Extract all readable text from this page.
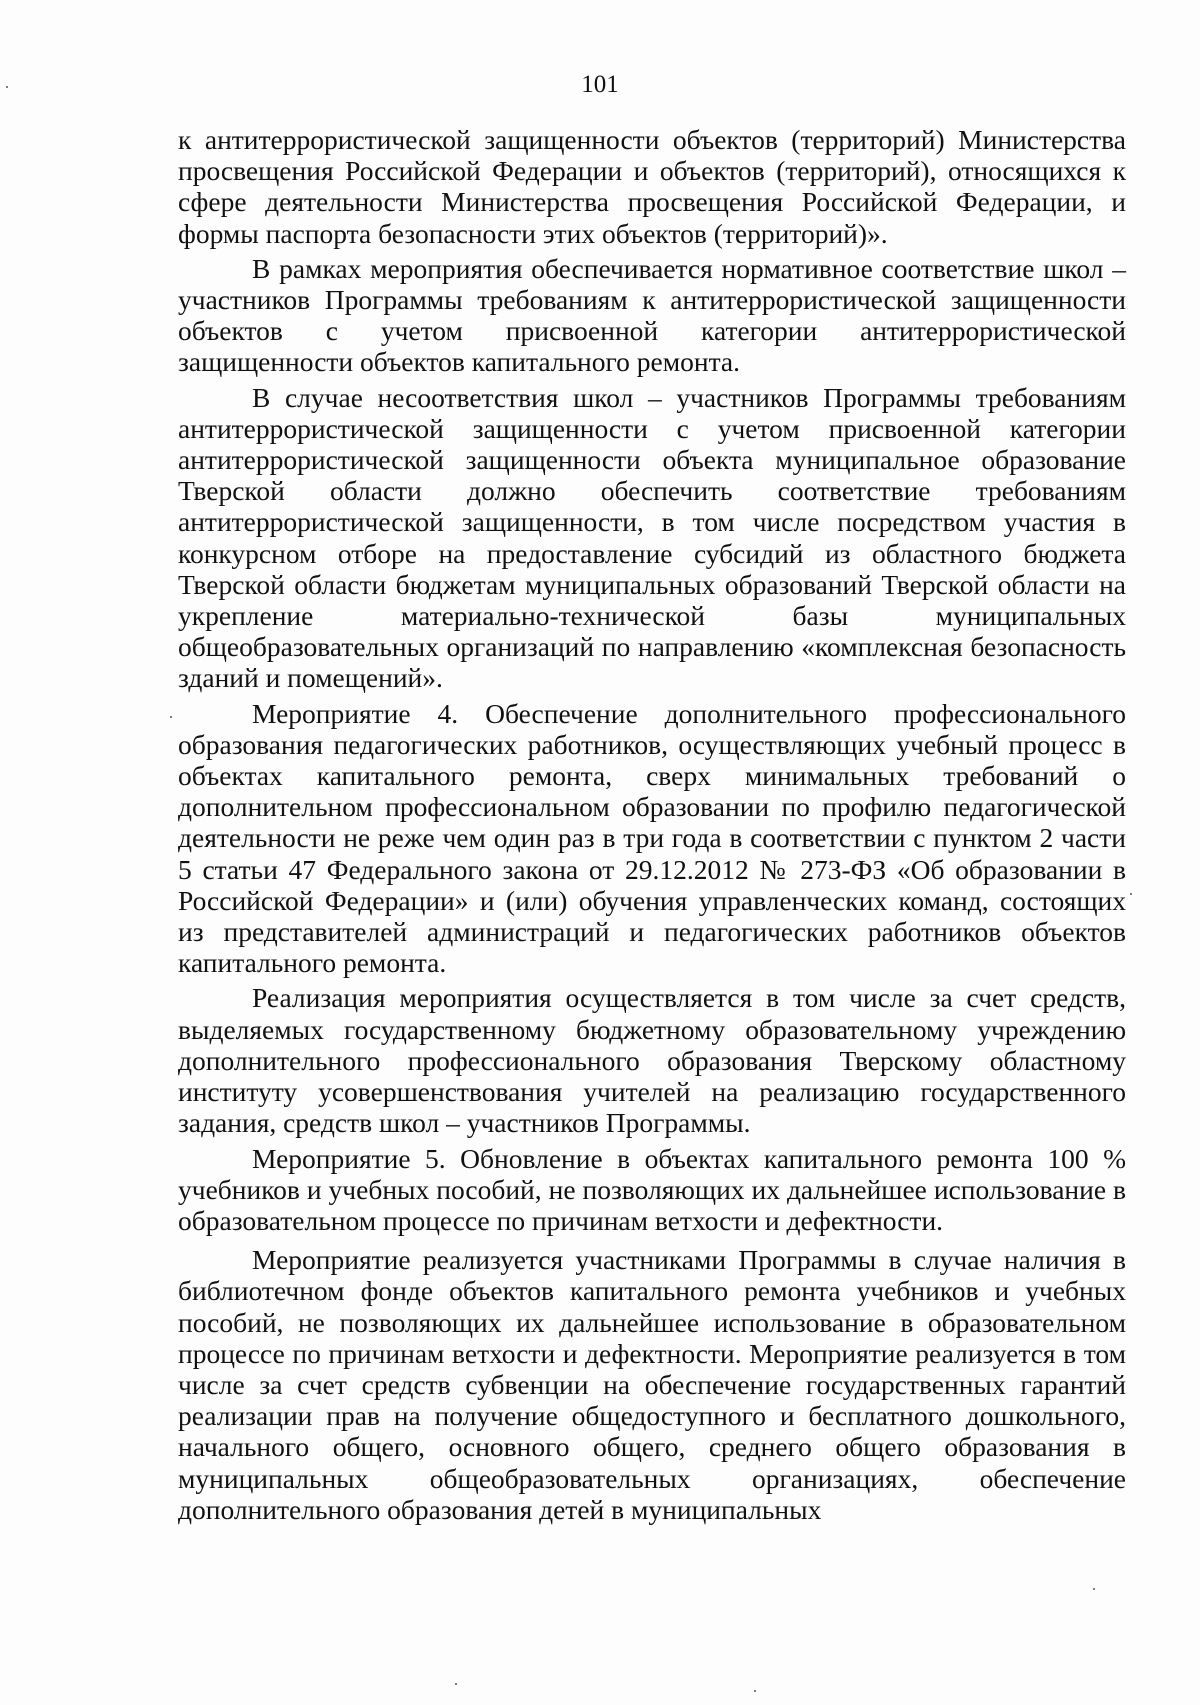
101

к антитеррористической защищенности объектов (территорий) Министерства просвещения Российской Федерации и объектов (территорий), относящихся к сфере деятельности Министерства просвещения Российской Федерации, и формы паспорта безопасности этих объектов (территорий)».

В рамках мероприятия обеспечивается нормативное соответствие школ – участников Программы требованиям к антитеррористической защищенности объектов с учетом присвоенной категории антитеррористической защищенности объектов капитального ремонта.

В случае несоответствия школ – участников Программы требованиям антитеррористической защищенности с учетом присвоенной категории антитеррористической защищенности объекта муниципальное образование Тверской области должно обеспечить соответствие требованиям антитеррористической защищенности, в том числе посредством участия в конкурсном отборе на предоставление субсидий из областного бюджета Тверской области бюджетам муниципальных образований Тверской области на укрепление материально-технической базы муниципальных общеобразовательных организаций по направлению «комплексная безопасность зданий и помещений».

Мероприятие 4. Обеспечение дополнительного профессионального образования педагогических работников, осуществляющих учебный процесс в объектах капитального ремонта, сверх минимальных требований о дополнительном профессиональном образовании по профилю педагогической деятельности не реже чем один раз в три года в соответствии с пунктом 2 части 5 статьи 47 Федерального закона от 29.12.2012 № 273-ФЗ «Об образовании в Российской Федерации» и (или) обучения управленческих команд, состоящих из представителей администраций и педагогических работников объектов капитального ремонта.

Реализация мероприятия осуществляется в том числе за счет средств, выделяемых государственному бюджетному образовательному учреждению дополнительного профессионального образования Тверскому областному институту усовершенствования учителей на реализацию государственного задания, средств школ – участников Программы.

Мероприятие 5. Обновление в объектах капитального ремонта 100 % учебников и учебных пособий, не позволяющих их дальнейшее использование в образовательном процессе по причинам ветхости и дефектности.

Мероприятие реализуется участниками Программы в случае наличия в библиотечном фонде объектов капитального ремонта учебников и учебных пособий, не позволяющих их дальнейшее использование в образовательном процессе по причинам ветхости и дефектности. Мероприятие реализуется в том числе за счет средств субвенции на обеспечение государственных гарантий реализации прав на получение общедоступного и бесплатного дошкольного, начального общего, основного общего, среднего общего образования в муниципальных общеобразовательных организациях, обеспечение дополнительного образования детей в муниципальных
